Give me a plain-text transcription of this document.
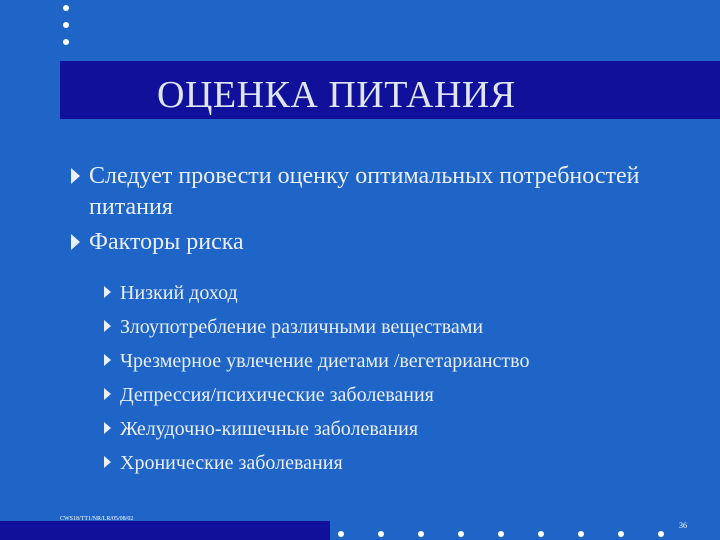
ОЦЕНКА ПИТАНИЯ
Следует провести оценку оптимальных потребностей питания
Факторы риска
Низкий доход
Злоупотребление различными веществами
Чрезмерное увлечение диетами /вегетарианство
Депрессия/психические заболевания
Желудочно-кишечные заболевания
Хронические заболевания
CWS18/TT1/NR/LR/05/08/02
36
